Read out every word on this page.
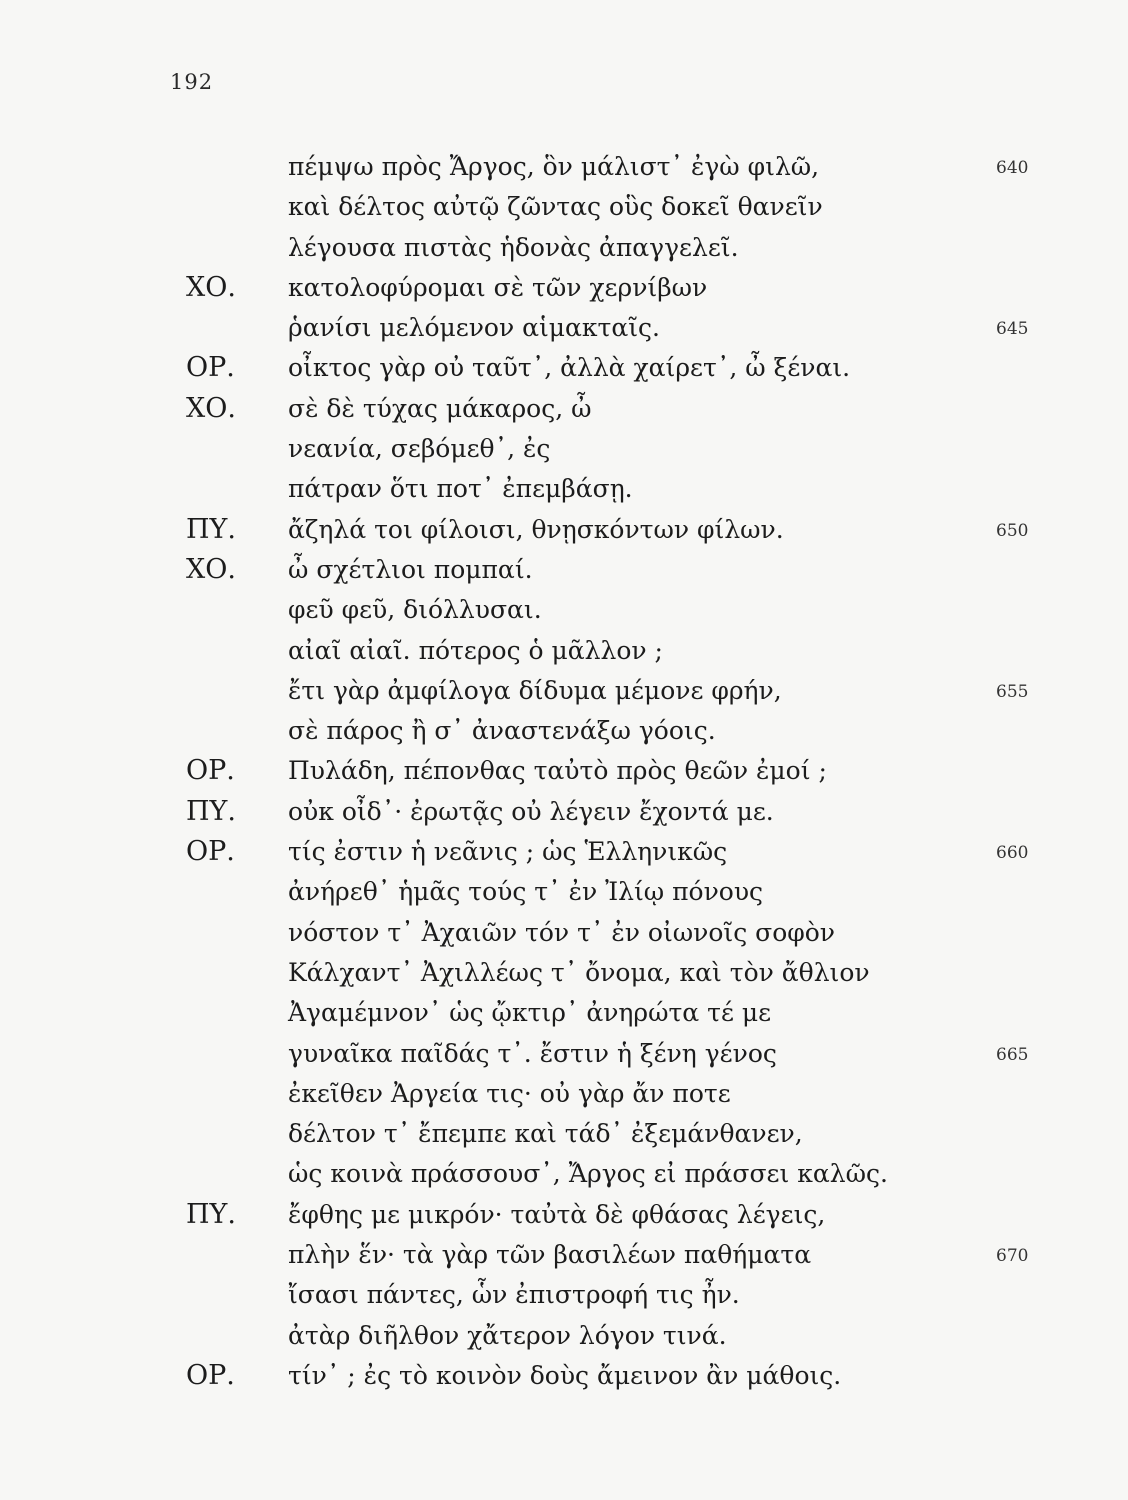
192
πέμψω πρὸς Ἄργος, ὃν μάλιστ᾽ ἐγὼ φιλῶ,	640
καὶ δέλτος αὐτῷ ζῶντας οὓς δοκεῖ θανεῖν
λέγουσα πιστὰς ἡδονὰς ἀπαγγελεῖ.
ΧΟ. κατολοφύρομαι σὲ τῶν χερνίβων
ῥανίσι μελόμενον αἱμακταῖς.	645
ΟΡ. οἶκτος γὰρ οὐ ταῦτ᾽, ἀλλὰ χαίρετ᾽, ὦ ξέναι.
ΧΟ. σὲ δὲ τύχας μάκαρος, ὦ
νεανία, σεβόμεθ᾽, ἐς
πάτραν ὅτι ποτ᾽ ἐπεμβάσῃ.
ΠΥ. ἄζηλά τοι φίλοισι, θνῃσκόντων φίλων.	650
ΧΟ. ὦ σχέτλιοι πομπαί.
φεῦ φεῦ, διόλλυσαι.
αἰαῖ αἰαῖ. πότερος ὁ μᾶλλον ;
ἔτι γὰρ ἀμφίλογα δίδυμα μέμονε φρήν,	655
σὲ πάρος ἢ σ᾽ ἀναστενάξω γόοις.
ΟΡ. Πυλάδη, πέπονθας ταὐτὸ πρὸς θεῶν ἐμοί ;
ΠΥ. οὐκ οἶδ᾽· ἐρωτᾷς οὐ λέγειν ἔχοντά με.
ΟΡ. τίς ἐστιν ἡ νεᾶνις ; ὡς Ἑλληνικῶς	660
ἀνήρεθ᾽ ἡμᾶς τούς τ᾽ ἐν Ἰλίῳ πόνους
νόστον τ᾽ Ἀχαιῶν τόν τ᾽ ἐν οἰωνοῖς σοφὸν
Κάλχαντ᾽ Ἀχιλλέως τ᾽ ὄνομα, καὶ τὸν ἄθλιον
Ἀγαμέμνον᾽ ὡς ᾤκτιρ᾽ ἀνηρώτα τέ με
γυναῖκα παῖδάς τ᾽. ἔστιν ἡ ξένη γένος	665
ἐκεῖθεν Ἀργεία τις· οὐ γὰρ ἄν ποτε
δέλτον τ᾽ ἔπεμπε καὶ τάδ᾽ ἐξεμάνθανεν,
ὡς κοινὰ πράσσουσ᾽, Ἄργος εἰ πράσσει καλῶς.
ΠΥ. ἔφθης με μικρόν· ταὐτὰ δὲ φθάσας λέγεις,
πλὴν ἕν· τὰ γὰρ τῶν βασιλέων παθήματα	670
ἴσασι πάντες, ὧν ἐπιστροφή τις ἦν.
ἀτὰρ διῆλθον χἄτερον λόγον τινά.
ΟΡ. τίν᾽ ; ἐς τὸ κοινὸν δοὺς ἄμεινον ἂν μάθοις.
